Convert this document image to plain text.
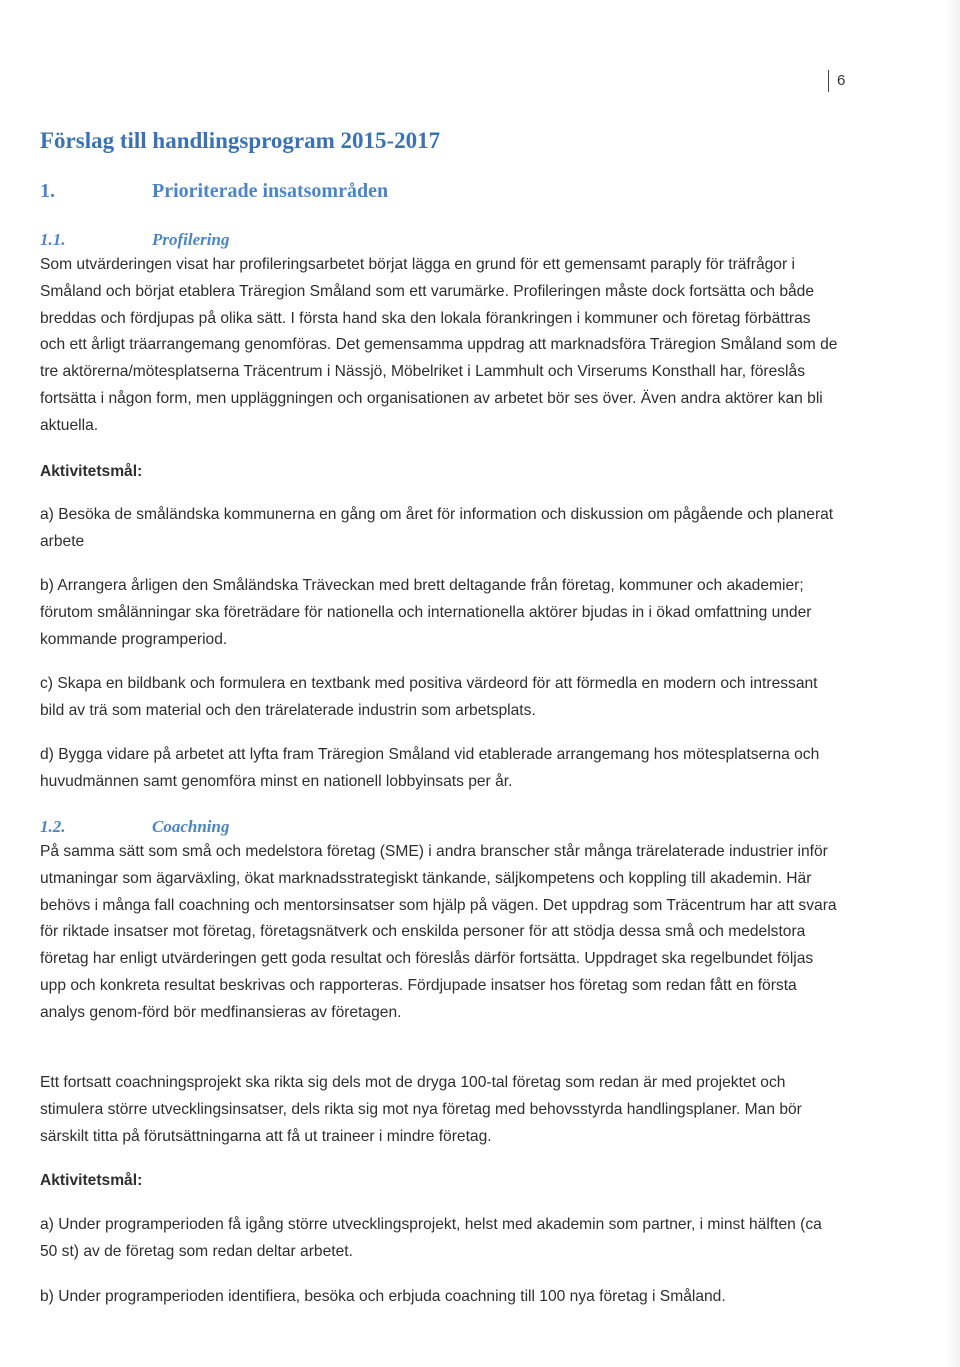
6
Förslag till handlingsprogram 2015-2017
1.	Prioriterade insatsområden
1.1.	Profilering

Som utvärderingen visat har profileringsarbetet börjat lägga en grund för ett gemensamt paraply för träfrågor i Småland och börjat etablera Träregion Småland som ett varumärke. Profileringen måste dock fortsätta och både breddas och fördjupas på olika sätt. I första hand ska den lokala förankringen i kommuner och företag förbättras och ett årligt träarrangemang genomföras. Det gemensamma uppdrag att marknadsföra Träregion Småland som de tre aktörerna/mötesplatserna Träcentrum i Nässjö, Möbelriket i Lammhult och Virserums Konsthall har, föreslås fortsätta i någon form, men uppläggningen och organisationen av arbetet bör ses över. Även andra aktörer kan bli aktuella.

Aktivitetsmål:

a) Besöka de småländska kommunerna en gång om året för information och diskussion om pågående och planerat arbete

b) Arrangera årligen den Småländska Träveckan med brett deltagande från företag, kommuner och akademier; förutom smålänningar ska företrädare för nationella och internationella aktörer bjudas in i ökad omfattning under kommande programperiod.

c) Skapa en bildbank och formulera en textbank med positiva värdeord för att förmedla en modern och intressant bild av trä som material och den trärelaterade industrin som arbetsplats.

d) Bygga vidare på arbetet att lyfta fram Träregion Småland vid etablerade arrangemang hos mötesplatserna och huvudmännen samt genomföra minst en nationell lobbyinsats per år.

1.2.	Coachning

På samma sätt som små och medelstora företag (SME) i andra branscher står många trärelaterade industrier inför utmaningar som ägarväxling, ökat marknadsstrategiskt tänkande, säljkompetens och koppling till akademin. Här behövs i många fall coachning och mentorsinsatser som hjälp på vägen. Det uppdrag som Träcentrum har att svara för riktade insatser mot företag, företagsnätverk och enskilda personer för att stödja dessa små och medelstora företag har enligt utvärderingen gett goda resultat och föreslås därför fortsätta. Uppdraget ska regelbundet följas upp och konkreta resultat beskrivas och rapporteras. Fördjupade insatser hos företag som redan fått en första analys genom-förd bör medfinansieras av företagen.

Ett fortsatt coachningsprojekt ska rikta sig dels mot de dryga 100-tal företag som redan är med projektet och stimulera större utvecklingsinsatser, dels rikta sig mot nya företag med behovsstyrda handlingsplaner. Man bör särskilt titta på förutsättningarna att få ut traineer i mindre företag.

Aktivitetsmål:

a) Under programperioden få igång större utvecklingsprojekt, helst med akademin som partner, i minst hälften (ca 50 st) av de företag som redan deltar arbetet.

b) Under programperioden identifiera, besöka och erbjuda coachning till 100 nya företag i Småland.
